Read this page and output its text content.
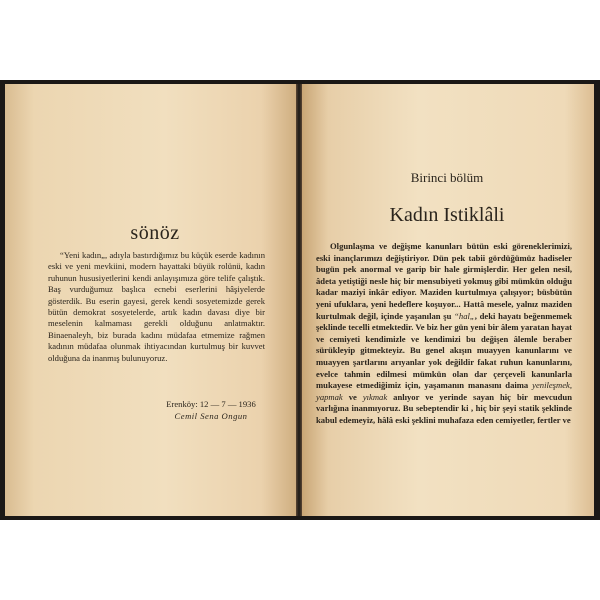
sönöz
“Yeni kadın„, adıyla bastırdığımız bu küçük eserde kadının eski ve yeni mevkiini, modern hayattaki büyük rolünü, kadın ruhunun hususiyetlerini kendi anlayışımıza göre telife çalıştık. Baş vurduğumuz başlıca ecnebi eserlerini hâşiyelerde gösterdik. Bu eserin gayesi, gerek kendi sosyetemizde gerek bütün demokrat sosyetelerde, artık kadın davası diye bir meselenin kalmaması gerekli olduğunu anlatmaktır. Binaenaleyh, biz burada kadını müdafaa etmemize rağmen kadının müdafaa olunmak ihtiyacından kurtulmuş bir kuvvet olduğuna da inanmış bulunuyoruz.
Erenköy: 12 — 7 — 1936
Cemil Sena Ongun
Birinci bölüm
Kadın Istiklâli
Olgunlaşma ve değişme kanunları bütün eski göreneklerimizi, eski inançlarımızı değiştiriyor. Dün pek tabii gördüğümüz hadiseler bugün pek anormal ve garip bir hale girmişlerdir. Her gelen nesil, âdeta yetiştiği nesle hiç bir mensubiyeti yokmuş gibi mümkün olduğu kadar maziyi inkâr ediyor. Maziden kurtulmıya çalışıyor; büsbütün yeni ufuklara, yeni hedeflere koşuyor... Hattâ mesele, yalnız maziden kurtulmak değil, içinde yaşanılan şu “hal„, deki hayatı beğenmemek şeklinde tecelli etmektedir. Ve biz her gün yeni bir âlem yaratan hayat ve cemiyeti kendimizle ve kendimizi bu değişen âlemle beraber sürükleyip gitmekteyiz. Bu genel akışın muayyen kanunlarını ve muayyen şartlarını arıyanlar yok değildir fakat ruhun kanunlarını, evelce tahmin edilmesi mümkün olan dar çerçeveli kanunlarla mukayese etmediğimiz için, yaşamanın manasını daima yenileşmek, yapmak ve yıkmak anlıyor ve yerinde sayan hiç bir mevcudun varlığına inanmıyoruz. Bu sebeptendir ki , hiç bir şeyi statik şeklinde kabul edemeyiz, hâlâ eski şeklini muhafaza eden cemiyetler, fertler ve
